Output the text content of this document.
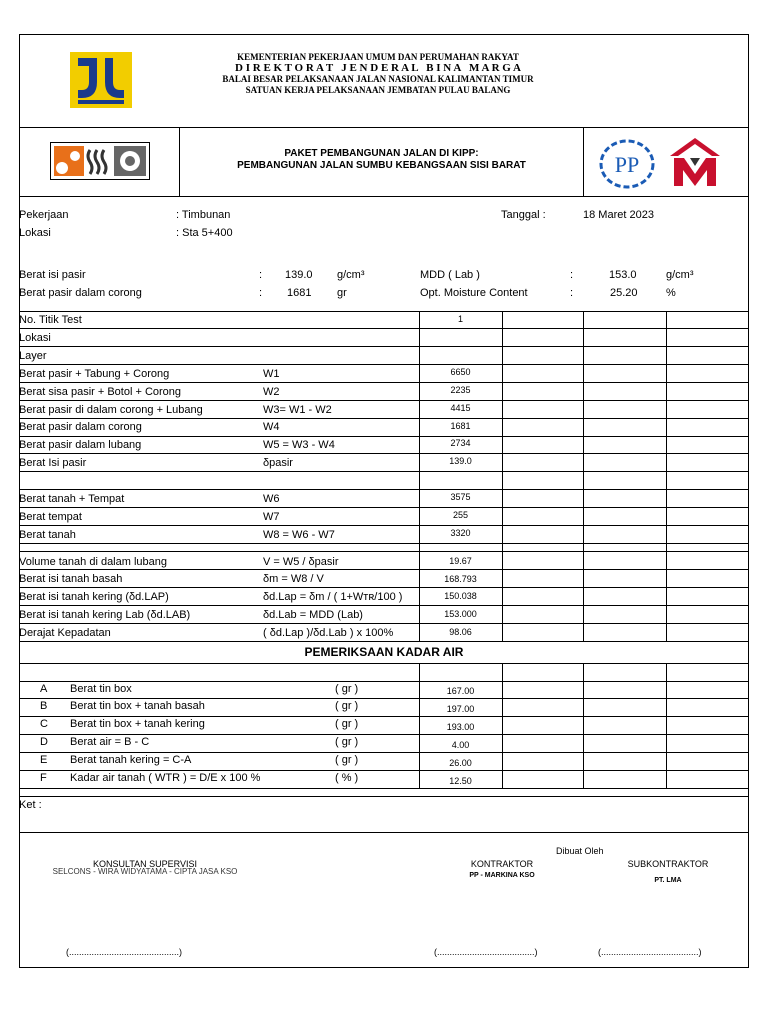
KEMENTERIAN PEKERJAAN UMUM DAN PERUMAHAN RAKYAT
D I R E K T O R A T   J E N D E R A L   B I N A   M A R G A
BALAI BESAR PELAKSANAAN JALAN NASIONAL KALIMANTAN TIMUR
SATUAN KERJA PELAKSANAAN JEMBATAN PULAU BALANG
PAKET PEMBANGUNAN JALAN DI KIPP:
PEMBANGUNAN JALAN SUMBU KEBANGSAAN SISI BARAT	PP
Pekerjaan	: Timbunan
Lokasi	: Sta 5+400
Tanggal :	18 Maret 2023
Berat isi pasir	: 139.0 g/cm³
Berat pasir dalam corong	: 1681 gr
MDD ( Lab )	:	153.0	g/cm³
Opt. Moisture Content	:	25.20	%
No. Titik Test	1
Lokasi
Layer
Berat pasir + Tabung + Corong	W1	6650
Berat sisa pasir + Botol + Corong	W2	2235
Berat pasir di dalam corong + Lubang	W3= W1 - W2	4415
Berat pasir dalam corong	W4	1681
Berat pasir dalam lubang	W5 = W3 - W4	2734
Berat Isi pasir	δpasir	139.0
Berat tanah + Tempat	W6	3575
Berat tempat	W7	255
Berat tanah	W8 = W6 - W7	3320
Volume tanah di dalam lubang	V = W5 / δpasir	19.67
Berat isi tanah basah	δm = W8 / V	168.793
Berat isi tanah kering (δd.LAP)	δd.Lap = δm / ( 1+Wᴛʀ/100 )	150.038
Berat isi tanah kering Lab (δd.LAB)	δd.Lab = MDD (Lab)	153.000
Derajat Kepadatan	( δd.Lap )/δd.Lab ) x 100%	98.06
PEMERIKSAAN KADAR AIR
A Berat tin box	( gr )	167.00
B Berat tin box + tanah basah	( gr )	197.00
C Berat tin box + tanah kering	( gr )	193.00
D Berat air = B - C	( gr )	4.00
E Berat tanah kering = C-A	( gr )	26.00
F Kadar air tanah ( WTR ) = D/E x 100 %	( % )	12.50
Ket :
Dibuat Oleh
SELCONS - WIRA WIDYATAMA - CIPTA JASA KSO
KONSULTAN SUPERVISI	KONTRAKTOR
PP - MARKINA KSO
SUBKONTRAKTOR
PT. LMA
(............................................)	(.......................................)	(.......................................)
